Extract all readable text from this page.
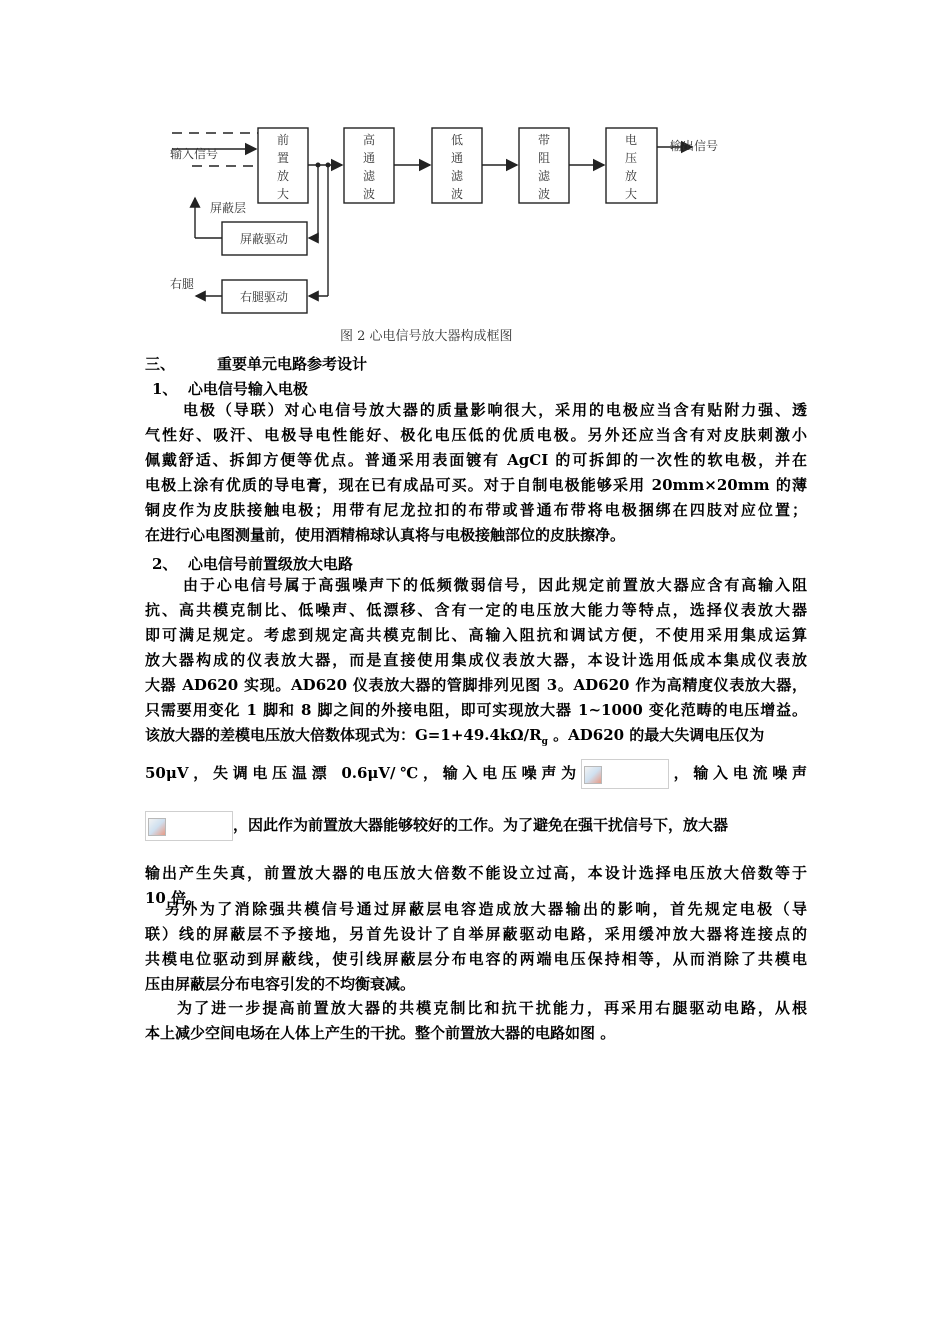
输入信号
前
置
放
大
高
通
滤
波
低
通
滤
波
带
阻
滤
波
电
压
放
大
输出信号
屏蔽驱动
屏蔽层
右腿驱动
右腿
图 2 心电信号放大器构成框图
三、	重要单元电路参考设计
1、 心电信号输入电极
电极（导联）对心电信号放大器的质量影响很大，采用的电极应当含有贴附力强、透
气性好、吸汗、电极导电性能好、极化电压低的优质电极。另外还应当含有对皮肤刺激小
佩戴舒适、拆卸方便等优点。普通采用表面镀有 AgCI 的可拆卸的一次性的软电极，并在
电极上涂有优质的导电膏，现在已有成品可买。对于自制电极能够采用 20mm×20mm 的薄
铜皮作为皮肤接触电极；用带有尼龙拉扣的布带或普通布带将电极捆绑在四肢对应位置；
在进行心电图测量前，使用酒精棉球认真将与电极接触部位的皮肤擦净。
2、 心电信号前置级放大电路
由于心电信号属于高强噪声下的低频微弱信号，因此规定前置放大器应含有高输入阻
抗、高共模克制比、低噪声、低漂移、含有一定的电压放大能力等特点，选择仪表放大器
即可满足规定。考虑到规定高共模克制比、高输入阻抗和调试方便，不使用采用集成运算
放大器构成的仪表放大器，而是直接使用集成仪表放大器，本设计选用低成本集成仪表放
大器 AD620 实现。AD620 仪表放大器的管脚排列见图 3。AD620 作为高精度仪表放大器，
只需要用变化 1 脚和 8 脚之间的外接电阻，即可实现放大器 1~1000 变化范畴的电压增益。
该放大器的差模电压放大倍数体现式为：$G=1+49.4k\Omega/R_g$ 。AD620 的最大失调电压仅为
50μV，失调电压温漂 0.6μV/℃，输入电压噪声为	，输入电流噪声
，因此作为前置放大器能够较好的工作。为了避免在强干扰信号下，放大器
输出产生失真，前置放大器的电压放大倍数不能设立过高，本设计选择电压放大倍数等于
10 倍。
另外为了消除强共模信号通过屏蔽层电容造成放大器输出的影响，首先规定电极（导
联）线的屏蔽层不予接地，另首先设计了自举屏蔽驱动电路，采用缓冲放大器将连接点的
共模电位驱动到屏蔽线，使引线屏蔽层分布电容的两端电压保持相等，从而消除了共模电
压由屏蔽层分布电容引发的不均衡衰减。
为了进一步提高前置放大器的共模克制比和抗干扰能力，再采用右腿驱动电路，从根
本上减少空间电场在人体上产生的干扰。整个前置放大器的电路如图 。
